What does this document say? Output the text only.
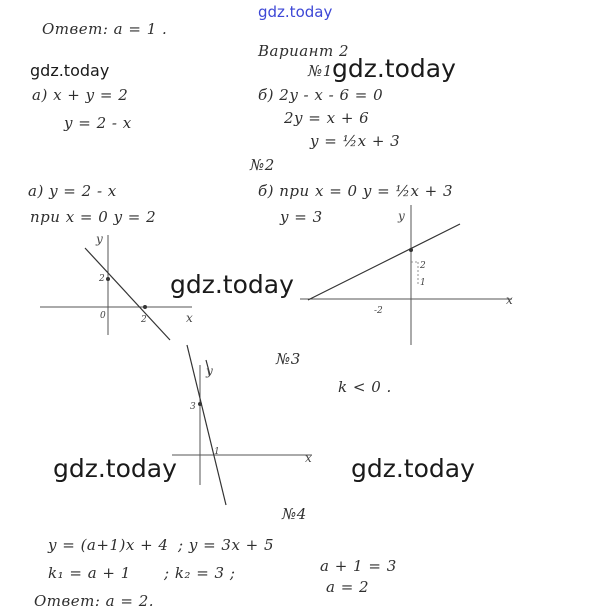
x
y
2
0	2
x
y
2
1
-2
x
y
3
1
gdz.today
gdz.today	gdz.today
gdz.today
gdz.today	gdz.today
Ответ: a = 1 .
Вариант 2
№1
а) x + y = 2
y = 2 - x
б) 2y - x - 6 = 0
2y = x + 6
y = ½x + 3
№2
а) y = 2 - x
при x = 0 y = 2
б) при x = 0 y = ½x + 3
y = 3
№3
k < 0 .
№4
y = (a+1)x + 4 ; y = 3x + 5
k₁ = a + 1 ; k₂ = 3 ;	a + 1 = 3
a = 2
Ответ: a = 2.
